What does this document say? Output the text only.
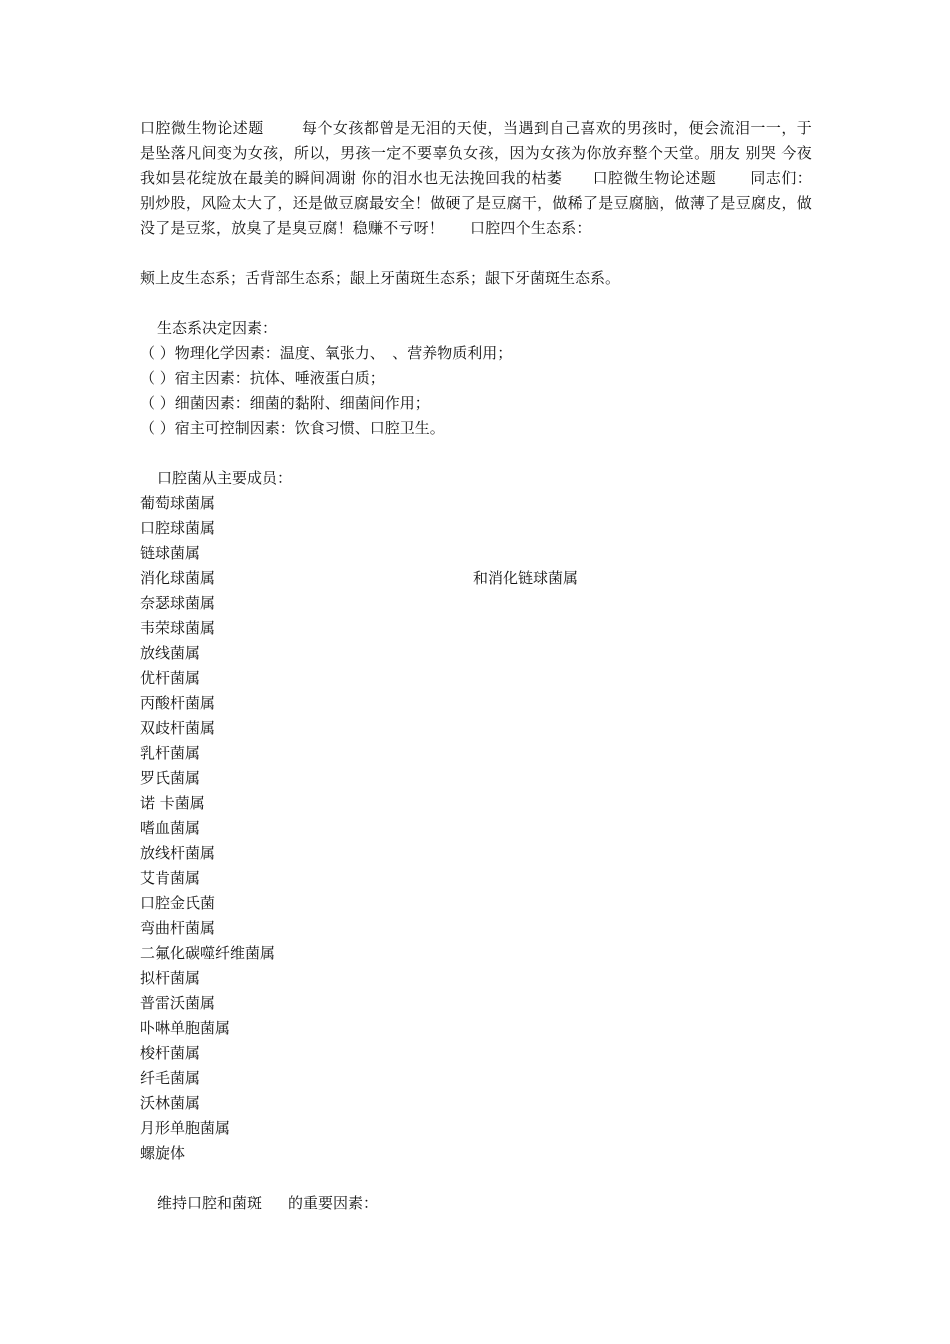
口腔微生物论述题	每个女孩都曾是无泪的天使，当遇到自己喜欢的男孩时，便会流泪一一，于是坠落凡间变为女孩，所以，男孩一定不要辜负女孩，因为女孩为你放弃整个天堂。朋友 别哭 今夜我如昙花绽放在最美的瞬间凋谢 你的泪水也无法挽回我的枯萎 口腔微生物论述题 同志们：别炒股，风险太大了，还是做豆腐最安全！做硬了是豆腐干，做稀了是豆腐脑，做薄了是豆腐皮，做没了是豆浆，放臭了是臭豆腐！稳赚不亏呀！ 口腔四个生态系：

颊上皮生态系；舌背部生态系；龈上牙菌斑生态系；龈下牙菌斑生态系。
生态系决定因素：
（ ）物理化学因素：温度、氧张力、　、营养物质利用；
（ ）宿主因素：抗体、唾液蛋白质；
（ ）细菌因素：细菌的黏附、细菌间作用；
（ ）宿主可控制因素：饮食习惯、口腔卫生。
口腔菌从主要成员：
葡萄球菌属
口腔球菌属
链球菌属
消化球菌属	和消化链球菌属
奈瑟球菌属
韦荣球菌属
放线菌属
优杆菌属
丙酸杆菌属
双歧杆菌属
乳杆菌属
罗氏菌属
诺 卡菌属
嗜血菌属
放线杆菌属
艾肯菌属
口腔金氏菌
弯曲杆菌属
二氟化碳噬纤维菌属
拟杆菌属
普雷沃菌属
卟啉单胞菌属
梭杆菌属
纤毛菌属
沃林菌属
月形单胞菌属
螺旋体
维持口腔和菌斑 的重要因素：
